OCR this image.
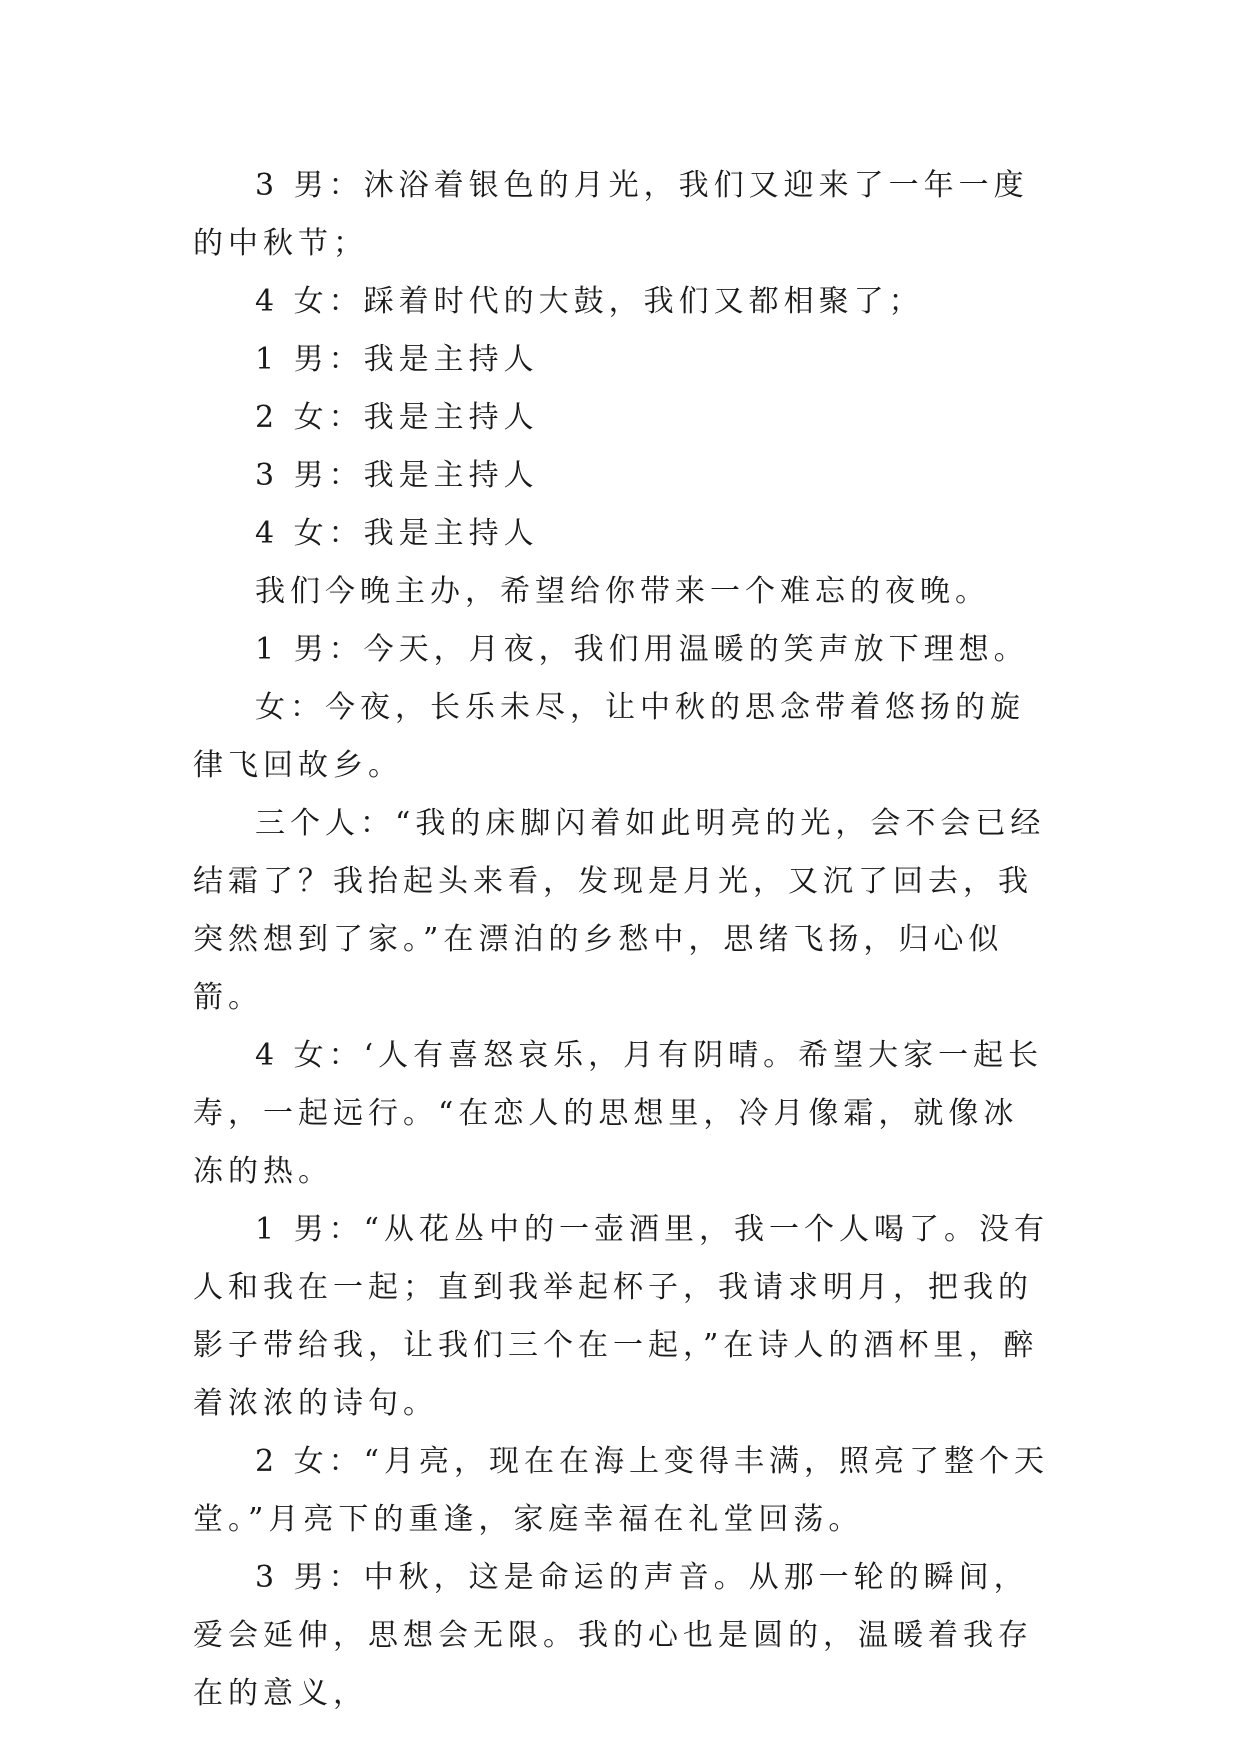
3 男：沐浴着银色的月光，我们又迎来了一年一度的中秋节；

4 女：踩着时代的大鼓，我们又都相聚了；

1 男：我是主持人

2 女：我是主持人

3 男：我是主持人

4 女：我是主持人

我们今晚主办，希望给你带来一个难忘的夜晚。

1 男：今天，月夜，我们用温暖的笑声放下理想。

女：今夜，长乐未尽，让中秋的思念带着悠扬的旋律飞回故乡。

三个人：“我的床脚闪着如此明亮的光，会不会已经结霜了？我抬起头来看，发现是月光，又沉了回去，我突然想到了家。”在漂泊的乡愁中，思绪飞扬，归心似箭。

4 女：‘人有喜怒哀乐，月有阴晴。希望大家一起长寿，一起远行。“在恋人的思想里，冷月像霜，就像冰冻的热。

1 男：“从花丛中的一壶酒里，我一个人喝了。没有人和我在一起；直到我举起杯子，我请求明月，把我的影子带给我，让我们三个在一起，”在诗人的酒杯里，醉着浓浓的诗句。

2 女：“月亮，现在在海上变得丰满，照亮了整个天堂。”月亮下的重逢，家庭幸福在礼堂回荡。

3 男：中秋，这是命运的声音。从那一轮的瞬间，爱会延伸，思想会无限。我的心也是圆的，温暖着我存在的意义，
